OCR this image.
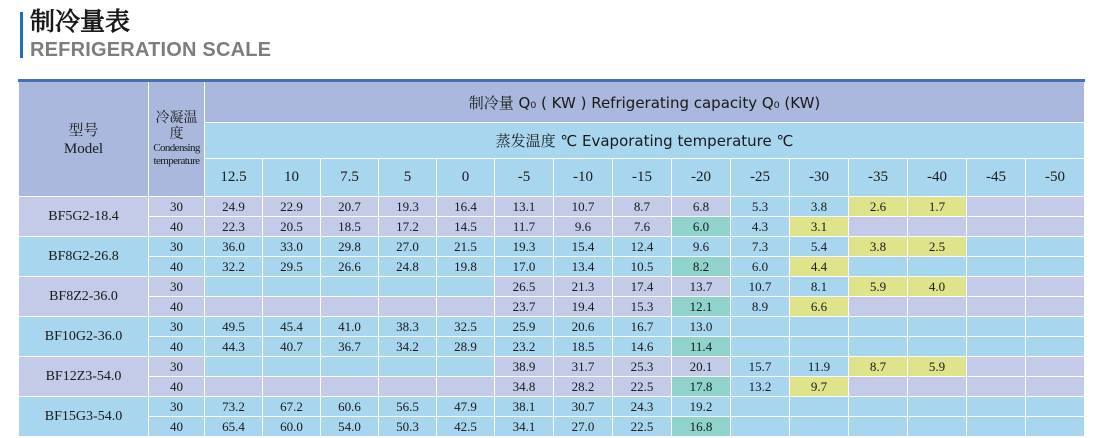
制冷量表
REFRIGERATION SCALE
型号
Model	冷凝温度
Condensing temperature	制冷量 Q₀ ( KW ) Refrigerating capacity Q₀ (KW)														
		蒸发温度 ℃ Evaporating temperature ℃														
		12.5	10	7.5	5	0	-5	-10	-15	-20	-25	-30	-35	-40	-45	-50
BF5G2-18.4	30	24.9	22.9	20.7	19.3	16.4	13.1	10.7	8.7	6.8	5.3	3.8	2.6	1.7		
	40	22.3	20.5	18.5	17.2	14.5	11.7	9.6	7.6	6.0	4.3	3.1				
BF8G2-26.8	30	36.0	33.0	29.8	27.0	21.5	19.3	15.4	12.4	9.6	7.3	5.4	3.8	2.5		
	40	32.2	29.5	26.6	24.8	19.8	17.0	13.4	10.5	8.2	6.0	4.4				
BF8Z2-36.0	30						26.5	21.3	17.4	13.7	10.7	8.1	5.9	4.0		
	40						23.7	19.4	15.3	12.1	8.9	6.6				
BF10G2-36.0	30	49.5	45.4	41.0	38.3	32.5	25.9	20.6	16.7	13.0						
	40	44.3	40.7	36.7	34.2	28.9	23.2	18.5	14.6	11.4						
BF12Z3-54.0	30						38.9	31.7	25.3	20.1	15.7	11.9	8.7	5.9		
	40						34.8	28.2	22.5	17.8	13.2	9.7				
BF15G3-54.0	30	73.2	67.2	60.6	56.5	47.9	38.1	30.7	24.3	19.2						
	40	65.4	60.0	54.0	50.3	42.5	34.1	27.0	22.5	16.8						
